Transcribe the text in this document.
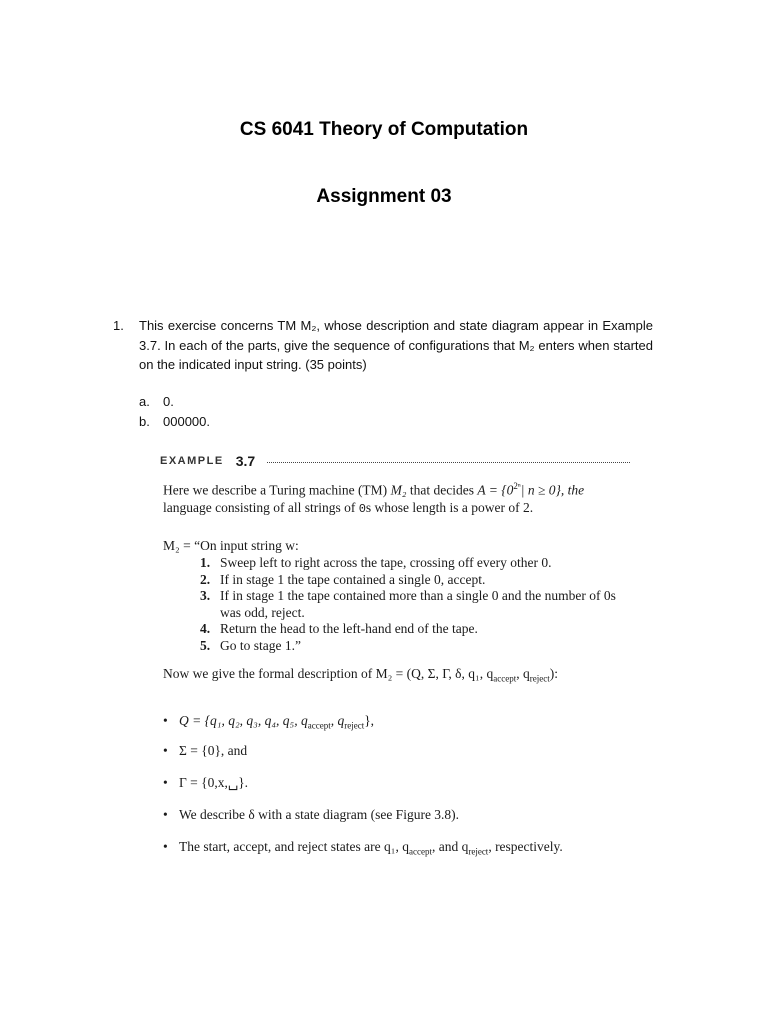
CS 6041 Theory of Computation
Assignment 03
1. This exercise concerns TM M₂, whose description and state diagram appear in Example 3.7. In each of the parts, give the sequence of configurations that M₂ enters when started on the indicated input string. (35 points)
a.	0.
b.	000000.
EXAMPLE 3.7
Here we describe a Turing machine (TM) M₂ that decides $A = \{0^{2^n}|$ n ≥ 0}, the
language consisting of all strings of 0s whose length is a power of 2.
M₂ = “On input string w:
1. Sweep left to right across the tape, crossing off every other 0.
2. If in stage 1 the tape contained a single 0, accept.
3. If in stage 1 the tape contained more than a single 0 and the number of 0s was odd, reject.
4. Return the head to the left-hand end of the tape.
5. Go to stage 1.”
Now we give the formal description of M₂ = (Q, Σ, Γ, δ, q₁, $q_{accept}$, $q_{reject}$):
• Q = {q₁, q₂, q₃, q₄, q₅, $q_{accept}$, $q_{reject}$},
• Σ = {0}, and
• Γ = {0,x,␣}.
• We describe δ with a state diagram (see Figure 3.8).
• The start, accept, and reject states are q₁, $q_{accept}$, and $q_{reject}$, respectively.
